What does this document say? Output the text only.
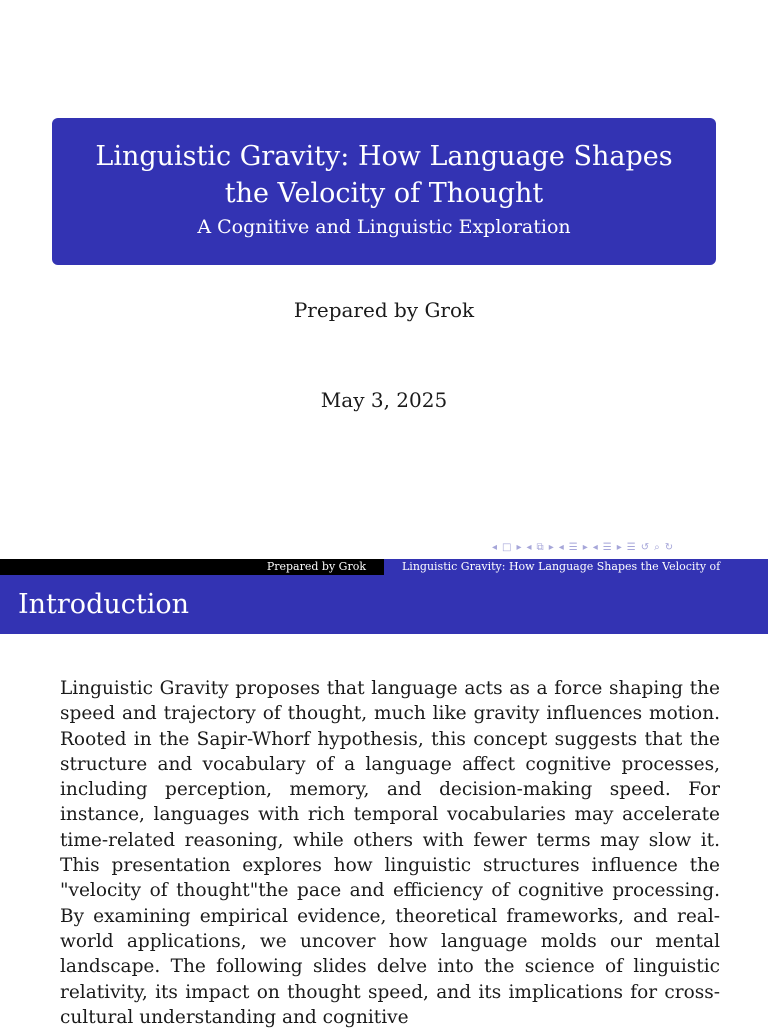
Linguistic Gravity: How Language Shapes the Velocity of Thought
A Cognitive and Linguistic Exploration
Prepared by Grok
May 3, 2025
◂ □ ▸ ◂ ⧉ ▸ ◂ ☰ ▸ ◂ ☰ ▸ ☰ ↺ ⌕ ↻
Prepared by Grok	Linguistic Gravity: How Language Shapes the Velocity of
Introduction

Linguistic Gravity proposes that language acts as a force shaping the speed and trajectory of thought, much like gravity influences motion. Rooted in the Sapir-Whorf hypothesis, this concept suggests that the structure and vocabulary of a language affect cognitive processes, including perception, memory, and decision-making speed. For instance, languages with rich temporal vocabularies may accelerate time-related reasoning, while others with fewer terms may slow it. This presentation explores how linguistic structures influence the "velocity of thought"the pace and efficiency of cognitive processing. By examining empirical evidence, theoretical frameworks, and real-world applications, we uncover how language molds our mental landscape. The following slides delve into the science of linguistic relativity, its impact on thought speed, and its implications for cross-cultural understanding and cognitive
